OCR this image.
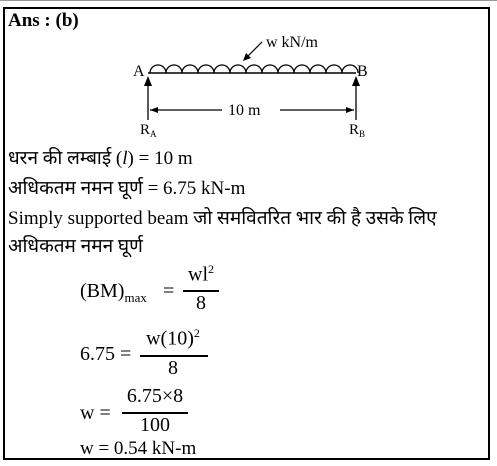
Ans : (b)
w kN/m
A	B
10 m
$R_A$	$R_B$
धरन की लम्बाई (l) = 10 m
अधिकतम नमन घूर्ण = 6.75 kN-m
Simply supported beam जो समवितरित भार की है उसके लिए
अधिकतम नमन घूर्ण
$(BM)_{max}$ =
$wl^2$
8
6.75 =
$w(10)^2$
8
w =
6.75×8
100
w = 0.54 kN-m
